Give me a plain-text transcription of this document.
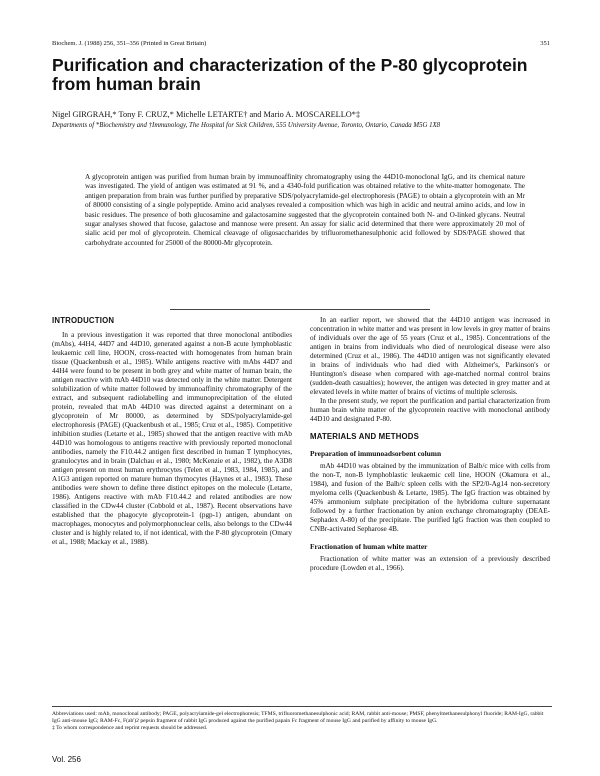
Biochem. J. (1988) 256, 351–356 (Printed in Great Britain)	351
Purification and characterization of the P-80 glycoprotein from human brain
Nigel GIRGRAH,* Tony F. CRUZ,* Michelle LETARTE† and Mario A. MOSCARELLO*‡
Departments of *Biochemistry and †Immunology, The Hospital for Sick Children, 555 University Avenue, Toronto, Ontario, Canada M5G 1X8

A glycoprotein antigen was purified from human brain by immunoaffinity chromatography using the 44D10-monoclonal IgG, and its chemical nature was investigated. The yield of antigen was estimated at 91 %, and a 4340-fold purification was obtained relative to the white-matter homogenate. The antigen preparation from brain was further purified by preparative SDS/polyacrylamide-gel electrophoresis (PAGE) to obtain a glycoprotein with an Mr of 80000 consisting of a single polypeptide. Amino acid analyses revealed a composition which was high in acidic and neutral amino acids, and low in basic residues. The presence of both glucosamine and galactosamine suggested that the glycoprotein contained both N- and O-linked glycans. Neutral sugar analyses showed that fucose, galactose and mannose were present. An assay for sialic acid determined that there were approximately 20 mol of sialic acid per mol of glycoprotein. Chemical cleavage of oligosaccharides by trifluoromethanesulphonic acid followed by SDS/PAGE showed that carbohydrate accounted for 25000 of the 80000-Mr glycoprotein.

INTRODUCTION

In a previous investigation it was reported that three monoclonal antibodies (mAbs), 44H4, 44D7 and 44D10, generated against a non-B acute lymphoblastic leukaemic cell line, HOON, cross-reacted with homogenates from human brain tissue (Quackenbush et al., 1985). While antigens reactive with mAbs 44D7 and 44H4 were found to be present in both grey and white matter of human brain, the antigen reactive with mAb 44D10 was detected only in the white matter. Detergent solubilization of white matter followed by immunoaffinity chromatography of the extract, and subsequent radiolabelling and immunoprecipitation of the eluted protein, revealed that mAb 44D10 was directed against a determinant on a glycoprotein of Mr 80000, as determined by SDS/polyacrylamide-gel electrophoresis (PAGE) (Quackenbush et al., 1985; Cruz et al., 1985). Competitive inhibition studies (Letarte et al., 1985) showed that the antigen reactive with mAb 44D10 was homologous to antigens reactive with previously reported monoclonal antibodies, namely the F10.44.2 antigen first described in human T lymphocytes, granulocytes and in brain (Dalchau et al., 1980; McKenzie et al., 1982), the A3D8 antigen present on most human erythrocytes (Telen et al., 1983, 1984, 1985), and A1G3 antigen reported on mature human thymocytes (Haynes et al., 1983). These antibodies were shown to define three distinct epitopes on the molecule (Letarte, 1986). Antigens reactive with mAb F10.44.2 and related antibodies are now classified in the CDw44 cluster (Cobbold et al., 1987). Recent observations have established that the phagocyte glycoprotein-1 (pgp-1) antigen, abundant on macrophages, monocytes and polymorphonuclear cells, also belongs to the CDw44 cluster and is highly related to, if not identical, with the P-80 glycoprotein (Omary et al., 1988; Mackay et al., 1988).

In an earlier report, we showed that the 44D10 antigen was increased in concentration in white matter and was present in low levels in grey matter of brains of individuals over the age of 55 years (Cruz et al., 1985). Concentrations of the antigen in brains from individuals who died of neurological disease were also determined (Cruz et al., 1986). The 44D10 antigen was not significantly elevated in brains of individuals who had died with Alzheimer's, Parkinson's or Huntington's disease when compared with age-matched normal control brains (sudden-death casualties); however, the antigen was detected in grey matter and at elevated levels in white matter of brains of victims of multiple sclerosis.

In the present study, we report the purification and partial characterization from human brain white matter of the glycoprotein reactive with monoclonal antibody 44D10 and designated P-80.

MATERIALS AND METHODS
Preparation of immunoadsorbent column

mAb 44D10 was obtained by the immunization of Balb/c mice with cells from the non-T, non-B lymphoblastic leukaemic cell line, HOON (Okamura et al., 1984), and fusion of the Balb/c spleen cells with the SP2/0-Ag14 non-secretory myeloma cells (Quackenbush & Letarte, 1985). The IgG fraction was obtained by 45% ammonium sulphate precipitation of the hybridoma culture supernatant followed by a further fractionation by anion exchange chromatography (DEAE-Sephadex A-80) of the precipitate. The purified IgG fraction was then coupled to CNBr-activated Sepharose 4B.

Fractionation of human white matter

Fractionation of white matter was an extension of a previously described procedure (Lowden et al., 1966).

Abbreviations used: mAb, monoclonal antibody; PAGE, polyacrylamide-gel electrophoresis; TFMS, trifluoromethanesulphonic acid; RAM, rabbit anti-mouse; PMSF, phenylmethanesulphonyl fluoride; RAM-IgG, rabbit IgG anti-mouse IgG; RAM-Fc, F(ab')2 pepsin fragment of rabbit IgG produced against the purified papain Fc fragment of mouse IgG and purified by affinity to mouse IgG.

‡ To whom correspondence and reprint requests should be addressed.

Vol. 256
